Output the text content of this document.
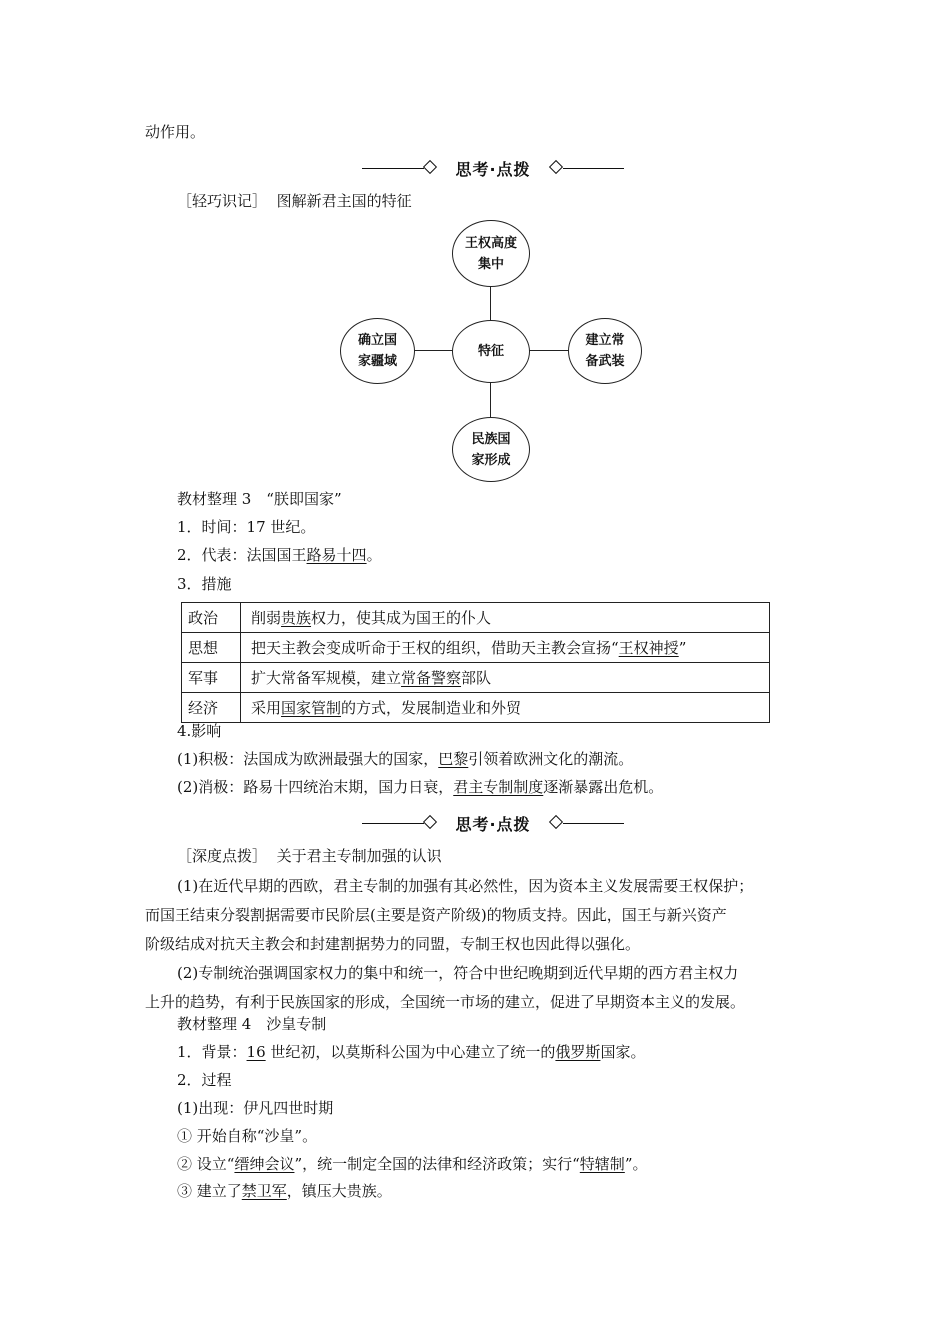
动作用。
思考·点拨
［轻巧识记］ 图解新君主国的特征
王权高度
集中
特征
确立国
家疆域
建立常
备武装
民族国
家形成
教材整理 3　“朕即国家”
1．时间：17 世纪。
2．代表：法国国王路易十四。
3．措施
政治	削弱贵族权力，使其成为国王的仆人
思想	把天主教会变成听命于王权的组织，借助天主教会宣扬“王权神授”
军事	扩大常备军规模，建立常备警察部队
经济	采用国家管制的方式，发展制造业和外贸
4.影响
(1)积极：法国成为欧洲最强大的国家，巴黎引领着欧洲文化的潮流。
(2)消极：路易十四统治末期，国力日衰，君主专制制度逐渐暴露出危机。
思考·点拨
［深度点拨］ 关于君主专制加强的认识
(1)在近代早期的西欧，君主专制的加强有其必然性，因为资本主义发展需要王权保护；
而国王结束分裂割据需要市民阶层(主要是资产阶级)的物质支持。因此，国王与新兴资产
阶级结成对抗天主教会和封建割据势力的同盟，专制王权也因此得以强化。
(2)专制统治强调国家权力的集中和统一，符合中世纪晚期到近代早期的西方君主权力
上升的趋势，有利于民族国家的形成，全国统一市场的建立，促进了早期资本主义的发展。
教材整理 4　沙皇专制
1．背景：16 世纪初，以莫斯科公国为中心建立了统一的俄罗斯国家。
2．过程
(1)出现：伊凡四世时期
① 开始自称“沙皇”。
② 设立“缙绅会议”，统一制定全国的法律和经济政策；实行“特辖制”。
③ 建立了禁卫军，镇压大贵族。
